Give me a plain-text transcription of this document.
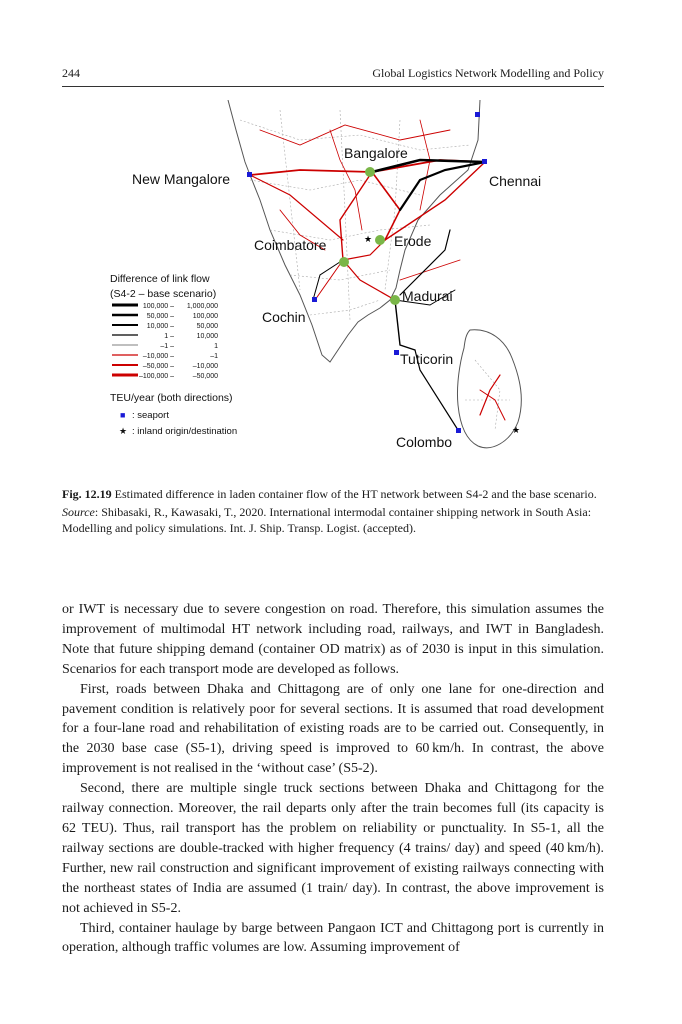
244	Global Logistics Network Modelling and Policy
★
★
Bangalore
New Mangalore	Chennai
Coimbatore	Erode
Madurai
Cochin
Tuticorin
Colombo
Difference of link flow
(S4-2 – base scenario)
100,000 – 1,000,000
50,000 –	100,000
10,000 –	50,000
1 –	10,000
–1 –	1
–10,000 –	–1
–50,000 –	–10,000
–100,000 –	–50,000
TEU/year (both directions)
■ : seaport
★ : inland origin/destination
Fig. 12.19 Estimated difference in laden container flow of the HT network between S4-2 and the base scenario.
Source: Shibasaki, R., Kawasaki, T., 2020. International intermodal container shipping network in South Asia: Modelling and policy simulations. Int. J. Ship. Transp. Logist. (accepted).

or IWT is necessary due to severe congestion on road. Therefore, this simulation assumes the improvement of multimodal HT network including road, railways, and IWT in Bangladesh. Note that future shipping demand (container OD matrix) as of 2030 is input in this simulation. Scenarios for each transport mode are developed as follows.

First, roads between Dhaka and Chittagong are of only one lane for one-direction and pavement condition is relatively poor for several sections. It is assumed that road development for a four-lane road and rehabilitation of existing roads are to be carried out. Consequently, in the 2030 base case (S5-1), driving speed is improved to 60 km/h. In contrast, the above improvement is not realised in the ‘without case’ (S5-2).

Second, there are multiple single truck sections between Dhaka and Chittagong for the railway connection. Moreover, the rail departs only after the train becomes full (its capacity is 62 TEU). Thus, rail transport has the problem on reliability or punctuality. In S5-1, all the railway sections are double-tracked with higher frequency (4 trains/ day) and speed (40 km/h). Further, new rail construction and significant improvement of existing railways connecting with the northeast states of India are assumed (1 train/ day). In contrast, the above improvement is not achieved in S5-2.

Third, container haulage by barge between Pangaon ICT and Chittagong port is currently in operation, although traffic volumes are low. Assuming improvement of
